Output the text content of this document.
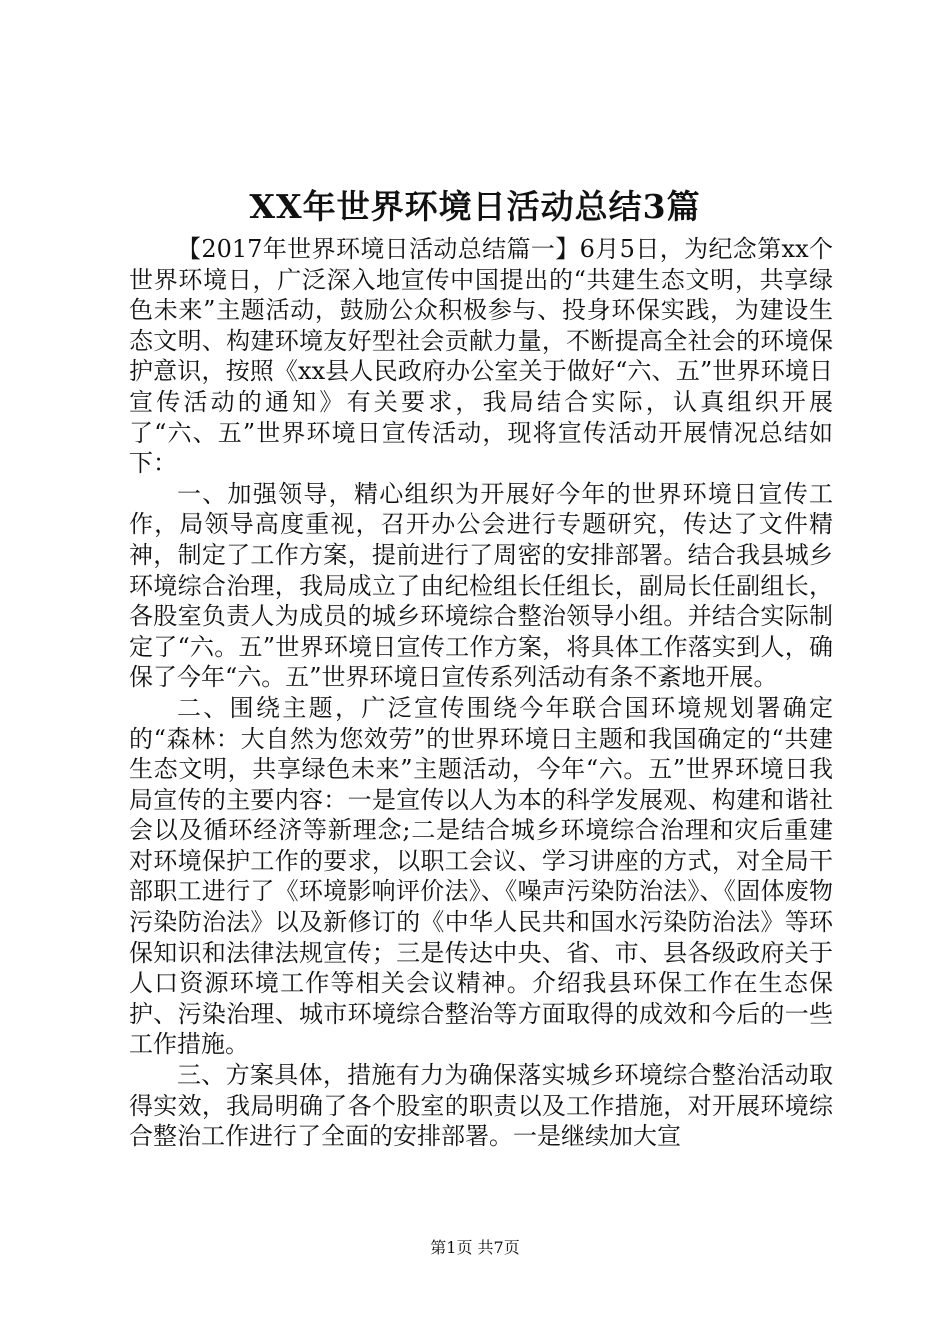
XX年世界环境日活动总结3篇

【2017年世界环境日活动总结篇一】6月5日，为纪念第xx个世界环境日，广泛深入地宣传中国提出的“共建生态文明，共享绿色未来”主题活动，鼓励公众积极参与、投身环保实践，为建设生态文明、构建环境友好型社会贡献力量，不断提高全社会的环境保护意识，按照《xx县人民政府办公室关于做好“六、五”世界环境日宣传活动的通知》有关要求，我局结合实际，认真组织开展了“六、五”世界环境日宣传活动，现将宣传活动开展情况总结如下：

一、加强领导，精心组织为开展好今年的世界环境日宣传工作，局领导高度重视，召开办公会进行专题研究，传达了文件精神，制定了工作方案，提前进行了周密的安排部署。结合我县城乡环境综合治理，我局成立了由纪检组长任组长，副局长任副组长，各股室负责人为成员的城乡环境综合整治领导小组。并结合实际制定了“六。五”世界环境日宣传工作方案，将具体工作落实到人，确保了今年“六。五”世界环境日宣传系列活动有条不紊地开展。

二、围绕主题，广泛宣传围绕今年联合国环境规划署确定的“森林：大自然为您效劳”的世界环境日主题和我国确定的“共建生态文明，共享绿色未来”主题活动，今年“六。五”世界环境日我局宣传的主要内容：一是宣传以人为本的科学发展观、构建和谐社会以及循环经济等新理念;二是结合城乡环境综合治理和灾后重建对环境保护工作的要求，以职工会议、学习讲座的方式，对全局干部职工进行了《环境影响评价法》、《噪声污染防治法》、《固体废物污染防治法》以及新修订的《中华人民共和国水污染防治法》等环保知识和法律法规宣传；三是传达中央、省、市、县各级政府关于人口资源环境工作等相关会议精神。介绍我县环保工作在生态保护、污染治理、城市环境综合整治等方面取得的成效和今后的一些工作措施。

三、方案具体，措施有力为确保落实城乡环境综合整治活动取得实效，我局明确了各个股室的职责以及工作措施，对开展环境综合整治工作进行了全面的安排部署。一是继续加大宣

第1页 共7页
